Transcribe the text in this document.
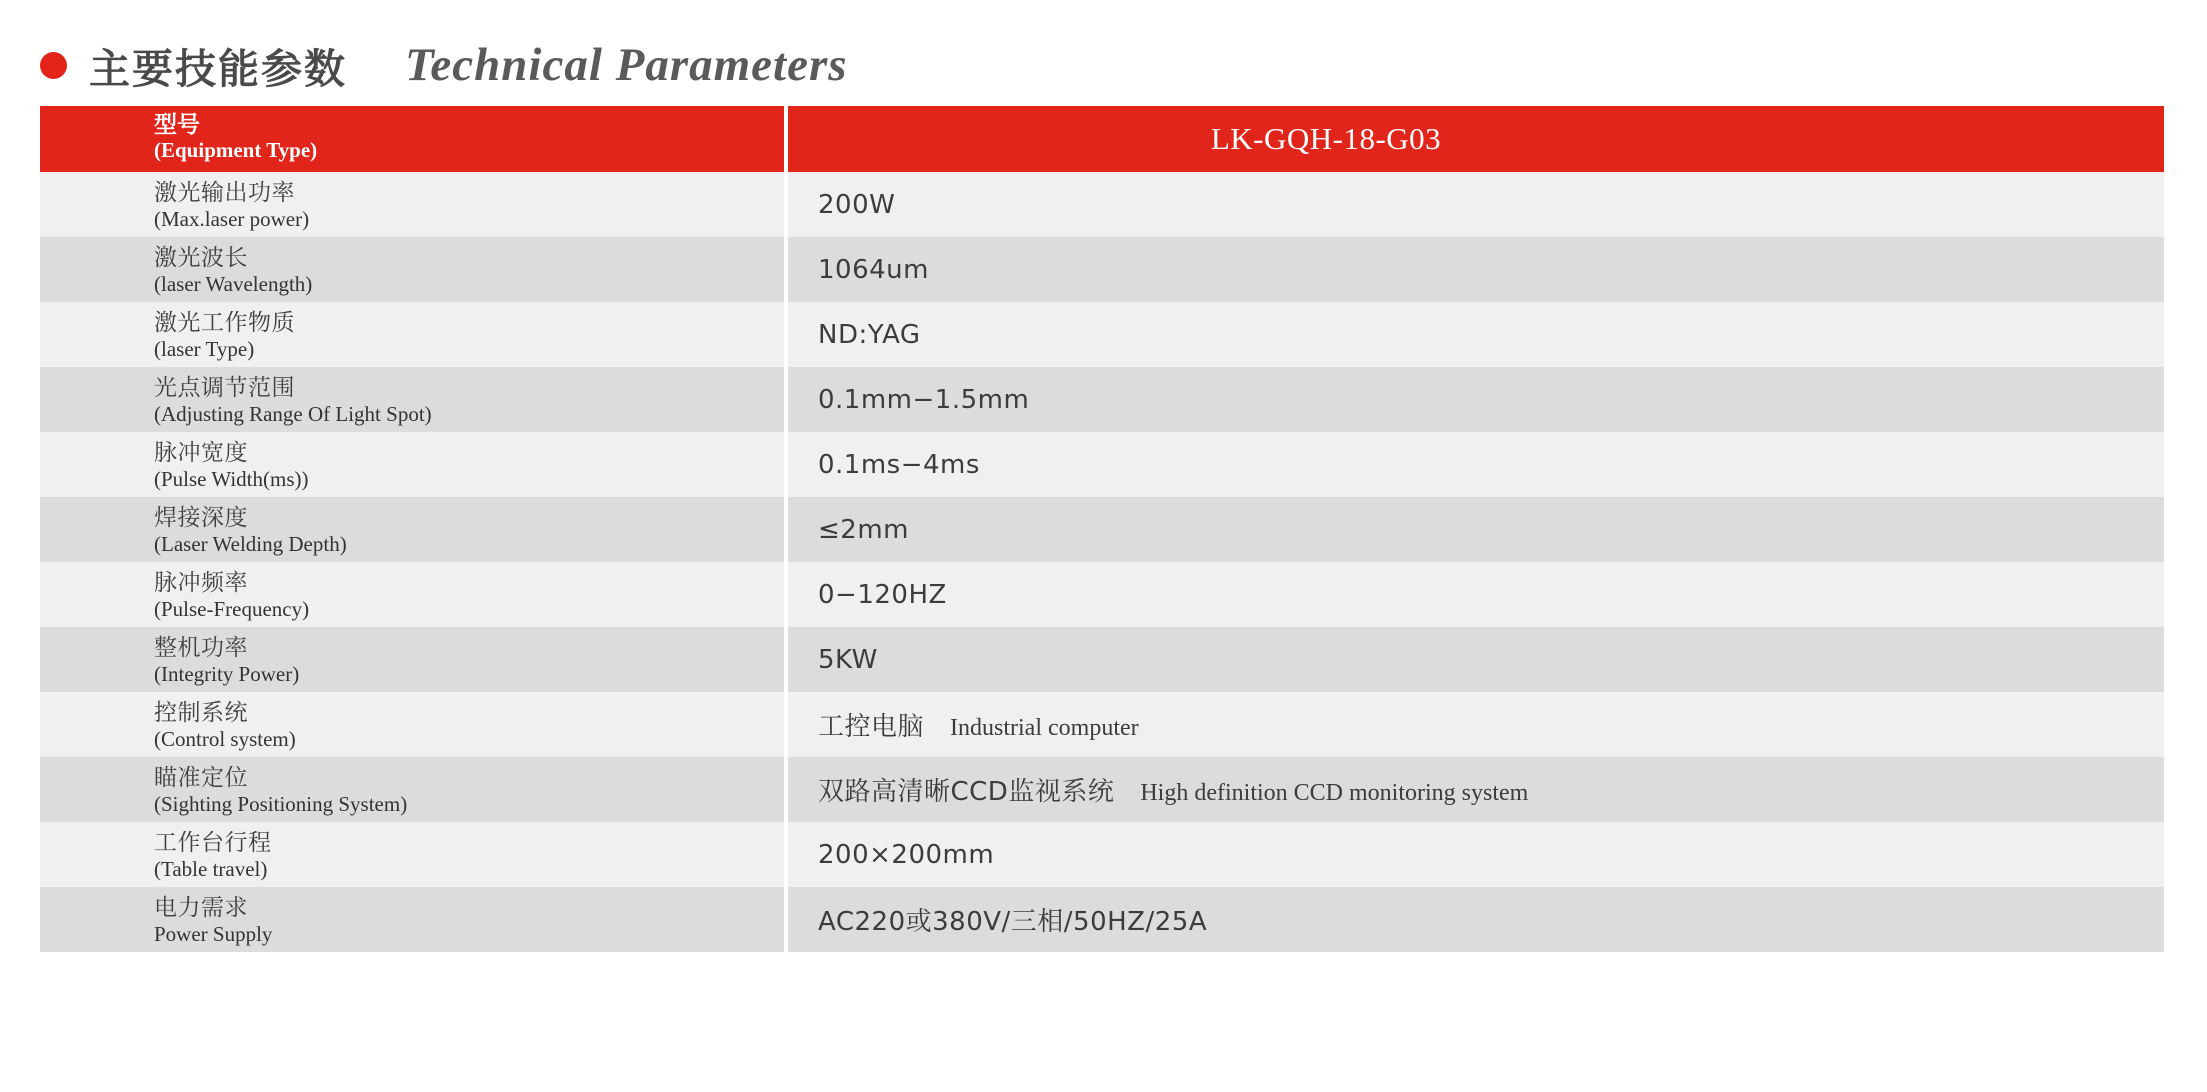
主要技能参数 Technical Parameters
型号
(Equipment Type)	LK-GQH-18-G03
激光输出功率
(Max.laser power)	200W
激光波长
(laser Wavelength)	1064um
激光工作物质
(laser Type)	ND:YAG
光点调节范围
(Adjusting Range Of Light Spot)	0.1mm−1.5mm
脉冲宽度
(Pulse Width(ms))	0.1ms−4ms
焊接深度
(Laser Welding Depth)	≤2mm
脉冲频率
(Pulse-Frequency)	0−120HZ
整机功率
(Integrity Power)	5KW
控制系统
(Control system)	工控电脑 Industrial computer
瞄准定位
(Sighting Positioning System)	双路高清晰CCD监视系统 High definition CCD monitoring system
工作台行程
(Table travel)	200×200mm
电力需求
Power Supply	AC220或380V/三相/50HZ/25A
